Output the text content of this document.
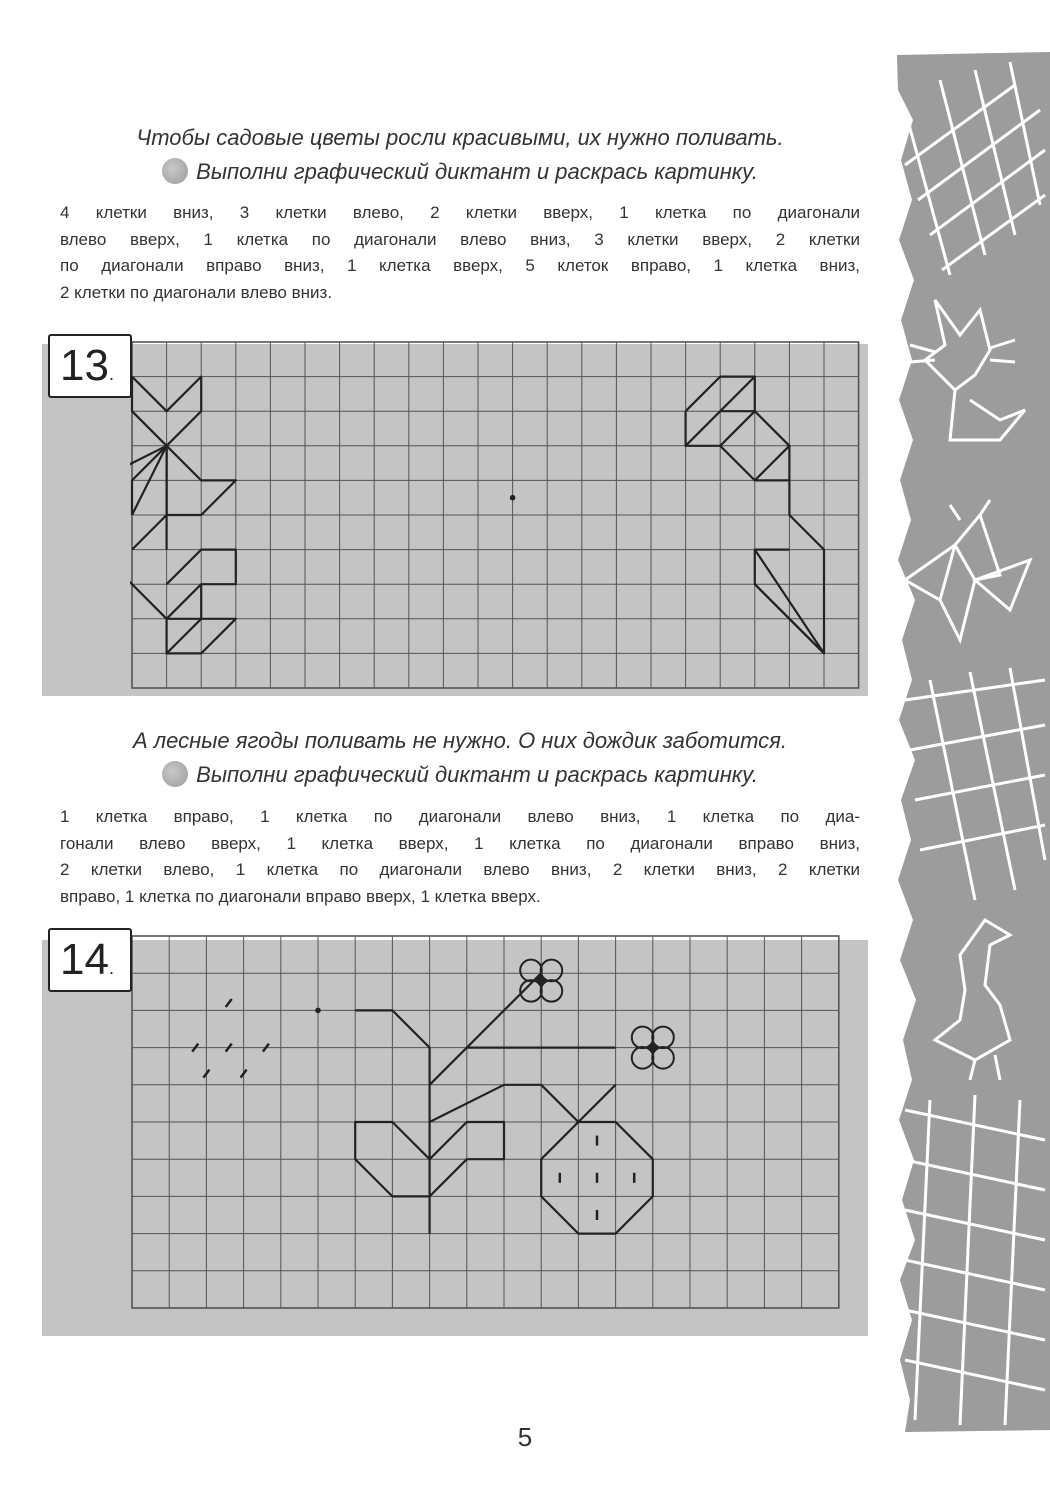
Чтобы садовые цветы росли красивыми, их нужно поливать.
Выполни графический диктант и раскрась картинку.
4 клетки вниз, 3 клетки влево, 2 клетки вверх, 1 клетка по диагонали
влево вверх, 1 клетка по диагонали влево вниз, 3 клетки вверх, 2 клетки
по диагонали вправо вниз, 1 клетка вверх, 5 клеток вправо, 1 клетка вниз,
2 клетки по диагонали влево вниз.
13.
А лесные ягоды поливать не нужно. О них дождик заботится.
Выполни графический диктант и раскрась картинку.
1 клетка вправо, 1 клетка по диагонали влево вниз, 1 клетка по диа-
гонали влево вверх, 1 клетка вверх, 1 клетка по диагонали вправо вниз,
2 клетки влево, 1 клетка по диагонали влево вниз, 2 клетки вниз, 2 клетки
вправо, 1 клетка по диагонали вправо вверх, 1 клетка вверх.
14.
5
